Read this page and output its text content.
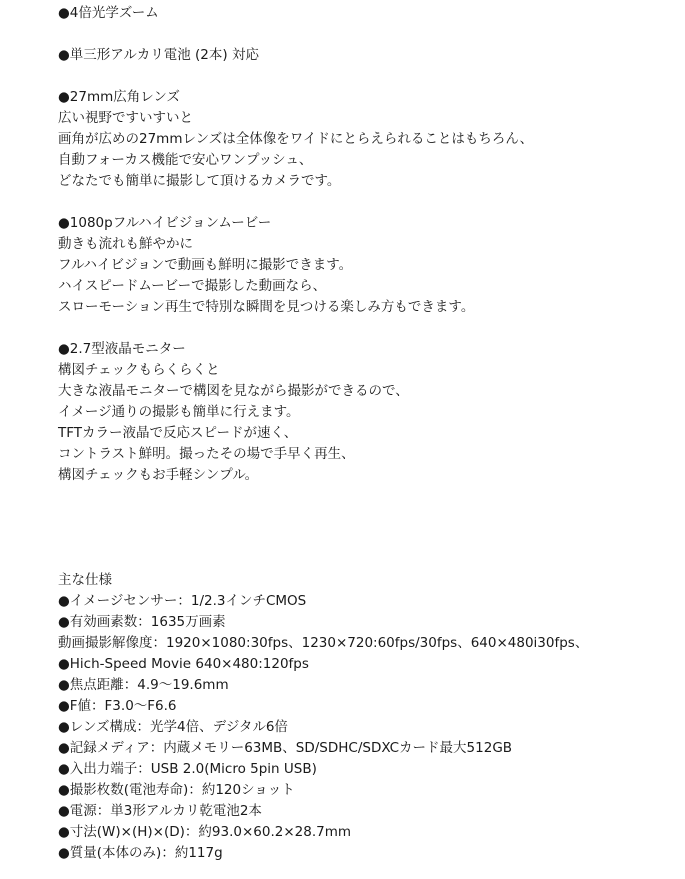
●4倍光学ズーム
●単三形アルカリ電池 (2本) 対応
●27mm広角レンズ
広い視野ですいすいと
画角が広めの27mmレンズは全体像をワイドにとらえられることはもちろん、
自動フォーカス機能で安心ワンプッシュ、
どなたでも簡単に撮影して頂けるカメラです。
●1080pフルハイビジョンムービー
動きも流れも鮮やかに
フルハイビジョンで動画も鮮明に撮影できます。
ハイスピードムービーで撮影した動画なら、
スローモーション再生で特別な瞬間を見つける楽しみ方もできます。
●2.7型液晶モニター
構図チェックもらくらくと
大きな液晶モニターで構図を見ながら撮影ができるので、
イメージ通りの撮影も簡単に行えます。
TFTカラー液晶で反応スピードが速く、
コントラスト鮮明。撮ったその場で手早く再生、
構図チェックもお手軽シンプル。
主な仕様
●イメージセンサー：1/2.3インチCMOS
●有効画素数：1635万画素
動画撮影解像度：1920×1080:30fps、1230×720:60fps/30fps、640×480i30fps、
●Hich-Speed Movie 640×480:120fps
●焦点距離：4.9～19.6mm
●F値：F3.0～F6.6
●レンズ構成：光学4倍、デジタル6倍
●記録メディア：内蔵メモリー63MB、SD/SDHC/SDXCカード最大512GB
●入出力端子：USB 2.0(Micro 5pin USB)
●撮影枚数(電池寿命)：約120ショット
●電源：単3形アルカリ乾電池2本
●寸法(W)×(H)×(D)：約93.0×60.2×28.7mm
●質量(本体のみ)：約117g
